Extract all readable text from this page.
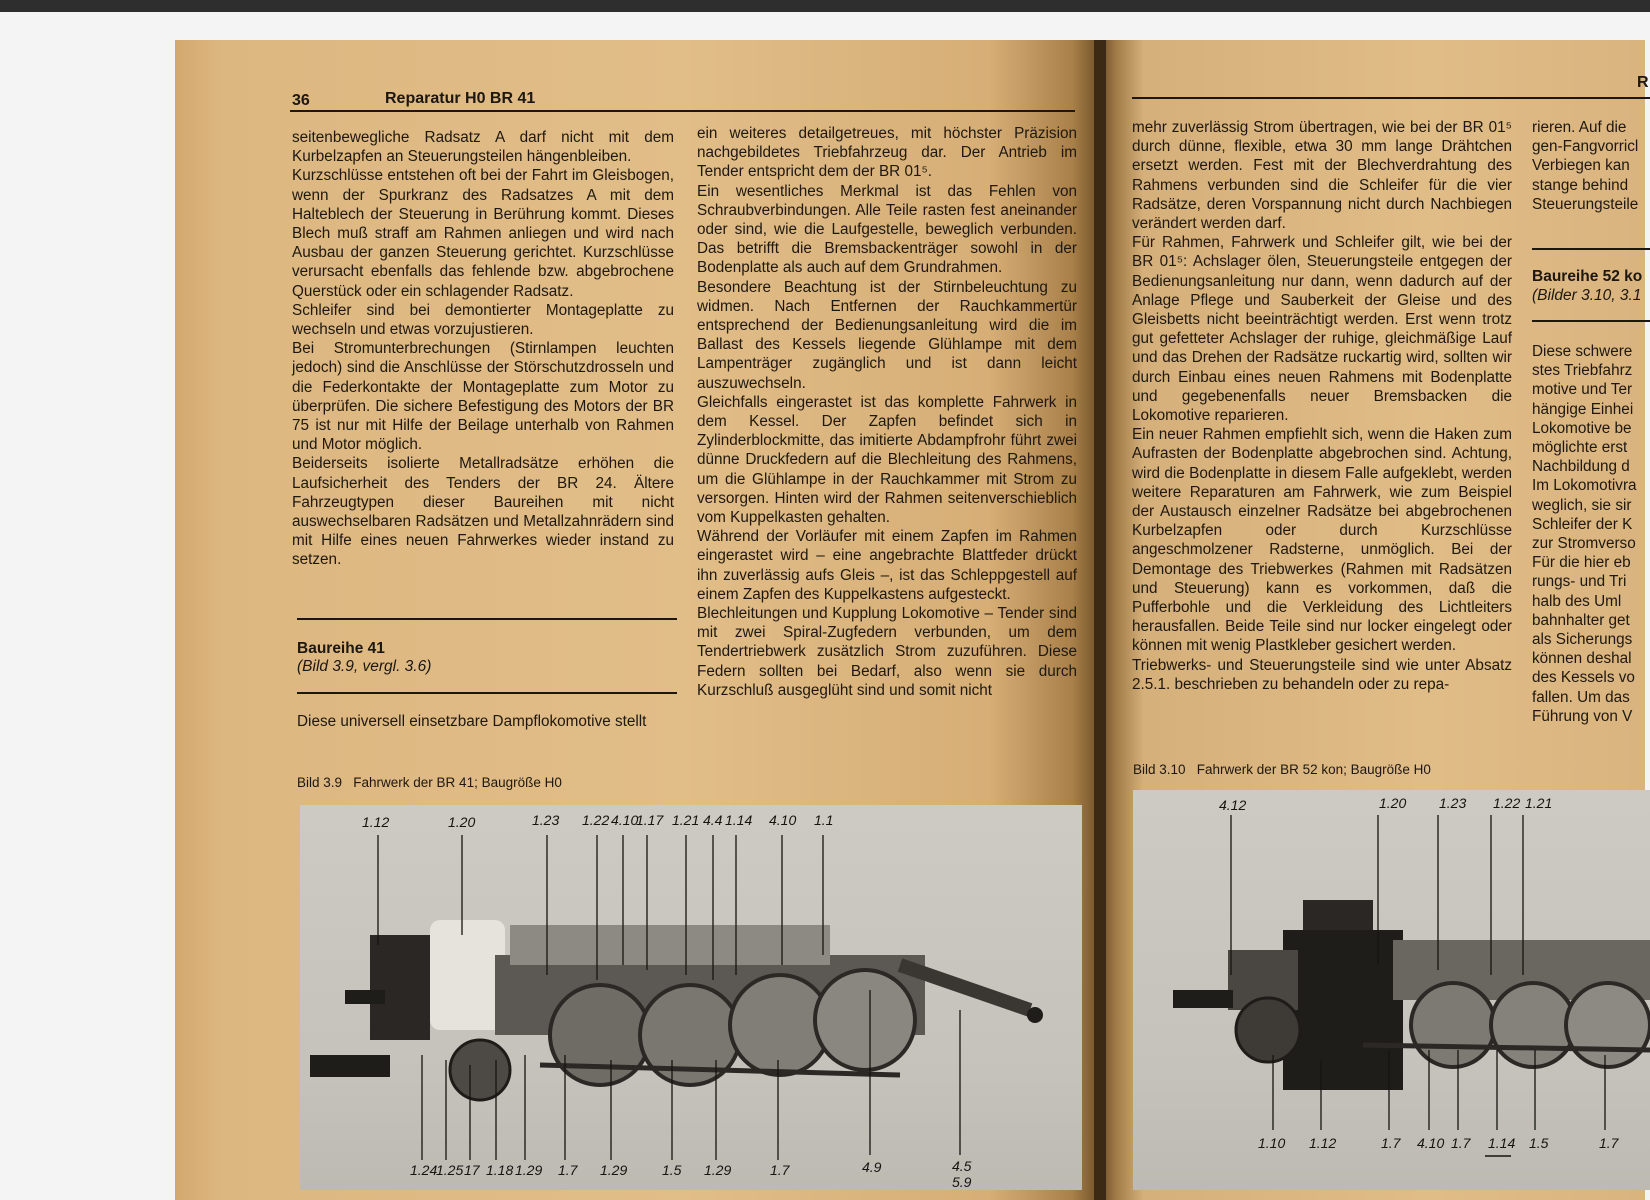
36	Reparatur H0 BR 41

seitenbewegliche Radsatz A darf nicht mit dem Kurbelzapfen an Steuerungsteilen hängenbleiben.

Kurzschlüsse entstehen oft bei der Fahrt im Gleisbogen, wenn der Spurkranz des Radsatzes A mit dem Halteblech der Steuerung in Berührung kommt. Dieses Blech muß straff am Rahmen anliegen und wird nach Ausbau der ganzen Steuerung gerichtet. Kurzschlüsse verursacht ebenfalls das fehlende bzw. abgebrochene Querstück oder ein schlagender Radsatz.

Schleifer sind bei demontierter Montageplatte zu wechseln und etwas vorzujustieren.

Bei Stromunterbrechungen (Stirnlampen leuchten jedoch) sind die Anschlüsse der Störschutzdrosseln und die Federkontakte der Montageplatte zum Motor zu überprüfen. Die sichere Befestigung des Motors der BR 75 ist nur mit Hilfe der Beilage unterhalb von Rahmen und Motor möglich.

Beiderseits isolierte Metallradsätze erhöhen die Laufsicherheit des Tenders der BR 24. Ältere Fahrzeugtypen dieser Baureihen mit nicht auswechselbaren Radsätzen und Metallzahnrädern sind mit Hilfe eines neuen Fahrwerkes wieder instand zu setzen.

Baureihe 41
(Bild 3.9, vergl. 3.6)
Diese universell einsetzbare Dampflokomotive stellt

ein weiteres detailgetreues, mit höchster Präzision nachgebildetes Triebfahrzeug dar. Der Antrieb im Tender entspricht dem der BR 01⁵.

Ein wesentliches Merkmal ist das Fehlen von Schraubverbindungen. Alle Teile rasten fest aneinander oder sind, wie die Laufgestelle, beweglich verbunden. Das betrifft die Bremsbackenträger sowohl in der Bodenplatte als auch auf dem Grundrahmen.

Besondere Beachtung ist der Stirnbeleuchtung zu widmen. Nach Entfernen der Rauchkammertür entsprechend der Bedienungsanleitung wird die im Ballast des Kessels liegende Glühlampe mit dem Lampenträger zugänglich und ist dann leicht auszuwechseln.

Gleichfalls eingerastet ist das komplette Fahrwerk in dem Kessel. Der Zapfen befindet sich in Zylinderblockmitte, das imitierte Abdampfrohr führt zwei dünne Druckfedern auf die Blechleitung des Rahmens, um die Glühlampe in der Rauchkammer mit Strom zu versorgen. Hinten wird der Rahmen seitenverschieblich vom Kuppelkasten gehalten.

Während der Vorläufer mit einem Zapfen im Rahmen eingerastet wird – eine angebrachte Blattfeder drückt ihn zuverlässig aufs Gleis –, ist das Schleppgestell auf einem Zapfen des Kuppelkastens aufgesteckt.

Blechleitungen und Kupplung Lokomotive – Tender sind mit zwei Spiral-Zugfedern verbunden, um dem Tendertriebwerk zusätzlich Strom zuzuführen. Diese Federn sollten bei Bedarf, also wenn sie durch Kurzschluß ausgeglüht sind und somit nicht

Bild 3.9   Fahrwerk der BR 41; Baugröße H0
1.12	1.20	1.23 1.22 4.10
1.17 1.21 4.4 1.14 4.10 1.1
1.24
1.25 17 1.18 1.29 1.7 1.29 1.5 1.29	1.7	4.9	4.5
5.9
R

mehr zuverlässig Strom übertragen, wie bei der BR 01⁵ durch dünne, flexible, etwa 30 mm lange Drähtchen ersetzt werden. Fest mit der Blechverdrahtung des Rahmens verbunden sind die Schleifer für die vier Radsätze, deren Vorspannung nicht durch Nachbiegen verändert werden darf.

Für Rahmen, Fahrwerk und Schleifer gilt, wie bei der BR 01⁵: Achslager ölen, Steuerungsteile entgegen der Bedienungsanleitung nur dann, wenn dadurch auf der Anlage Pflege und Sauberkeit der Gleise und des Gleisbetts nicht beeinträchtigt werden. Erst wenn trotz gut gefetteter Achslager der ruhige, gleichmäßige Lauf und das Drehen der Radsätze ruckartig wird, sollten wir durch Einbau eines neuen Rahmens mit Bodenplatte und gegebenenfalls neuer Bremsbacken die Lokomotive reparieren.

Ein neuer Rahmen empfiehlt sich, wenn die Haken zum Aufrasten der Bodenplatte abgebrochen sind. Achtung, wird die Bodenplatte in diesem Falle aufgeklebt, werden weitere Reparaturen am Fahrwerk, wie zum Beispiel der Austausch einzelner Radsätze bei abgebrochenen Kurbelzapfen oder durch Kurzschlüsse angeschmolzener Radsterne, unmöglich. Bei der Demontage des Triebwerkes (Rahmen mit Radsätzen und Steuerung) kann es vorkommen, daß die Pufferbohle und die Verkleidung des Lichtleiters herausfallen. Beide Teile sind nur locker eingelegt oder können mit wenig Plastkleber gesichert werden.

Triebwerks- und Steuerungsteile sind wie unter Absatz 2.5.1. beschrieben zu behandeln oder zu repa-

rieren. Auf die
gen-Fangvorricl
Verbiegen kan
stange behind
Steuerungsteile
Baureihe 52 ko
(Bilder 3.10, 3.1
Diese schwere
stes Triebfahrz
motive und Ter
hängige Einhei
Lokomotive be
möglichte erst
Nachbildung d
Im Lokomotivra
weglich, sie sir
Schleifer der K
zur Stromverso
Für die hier eb
rungs- und Tri
halb des Uml
bahnhalter get
als Sicherungs
können deshal
des Kessels vo
fallen. Um das
Führung von V
Bild 3.10   Fahrwerk der BR 52 kon; Baugröße H0
4.12	1.20 1.23 1.22 1.21
1.10 1.12	1.7 4.10 1.7 1.14 1.5	1.7
